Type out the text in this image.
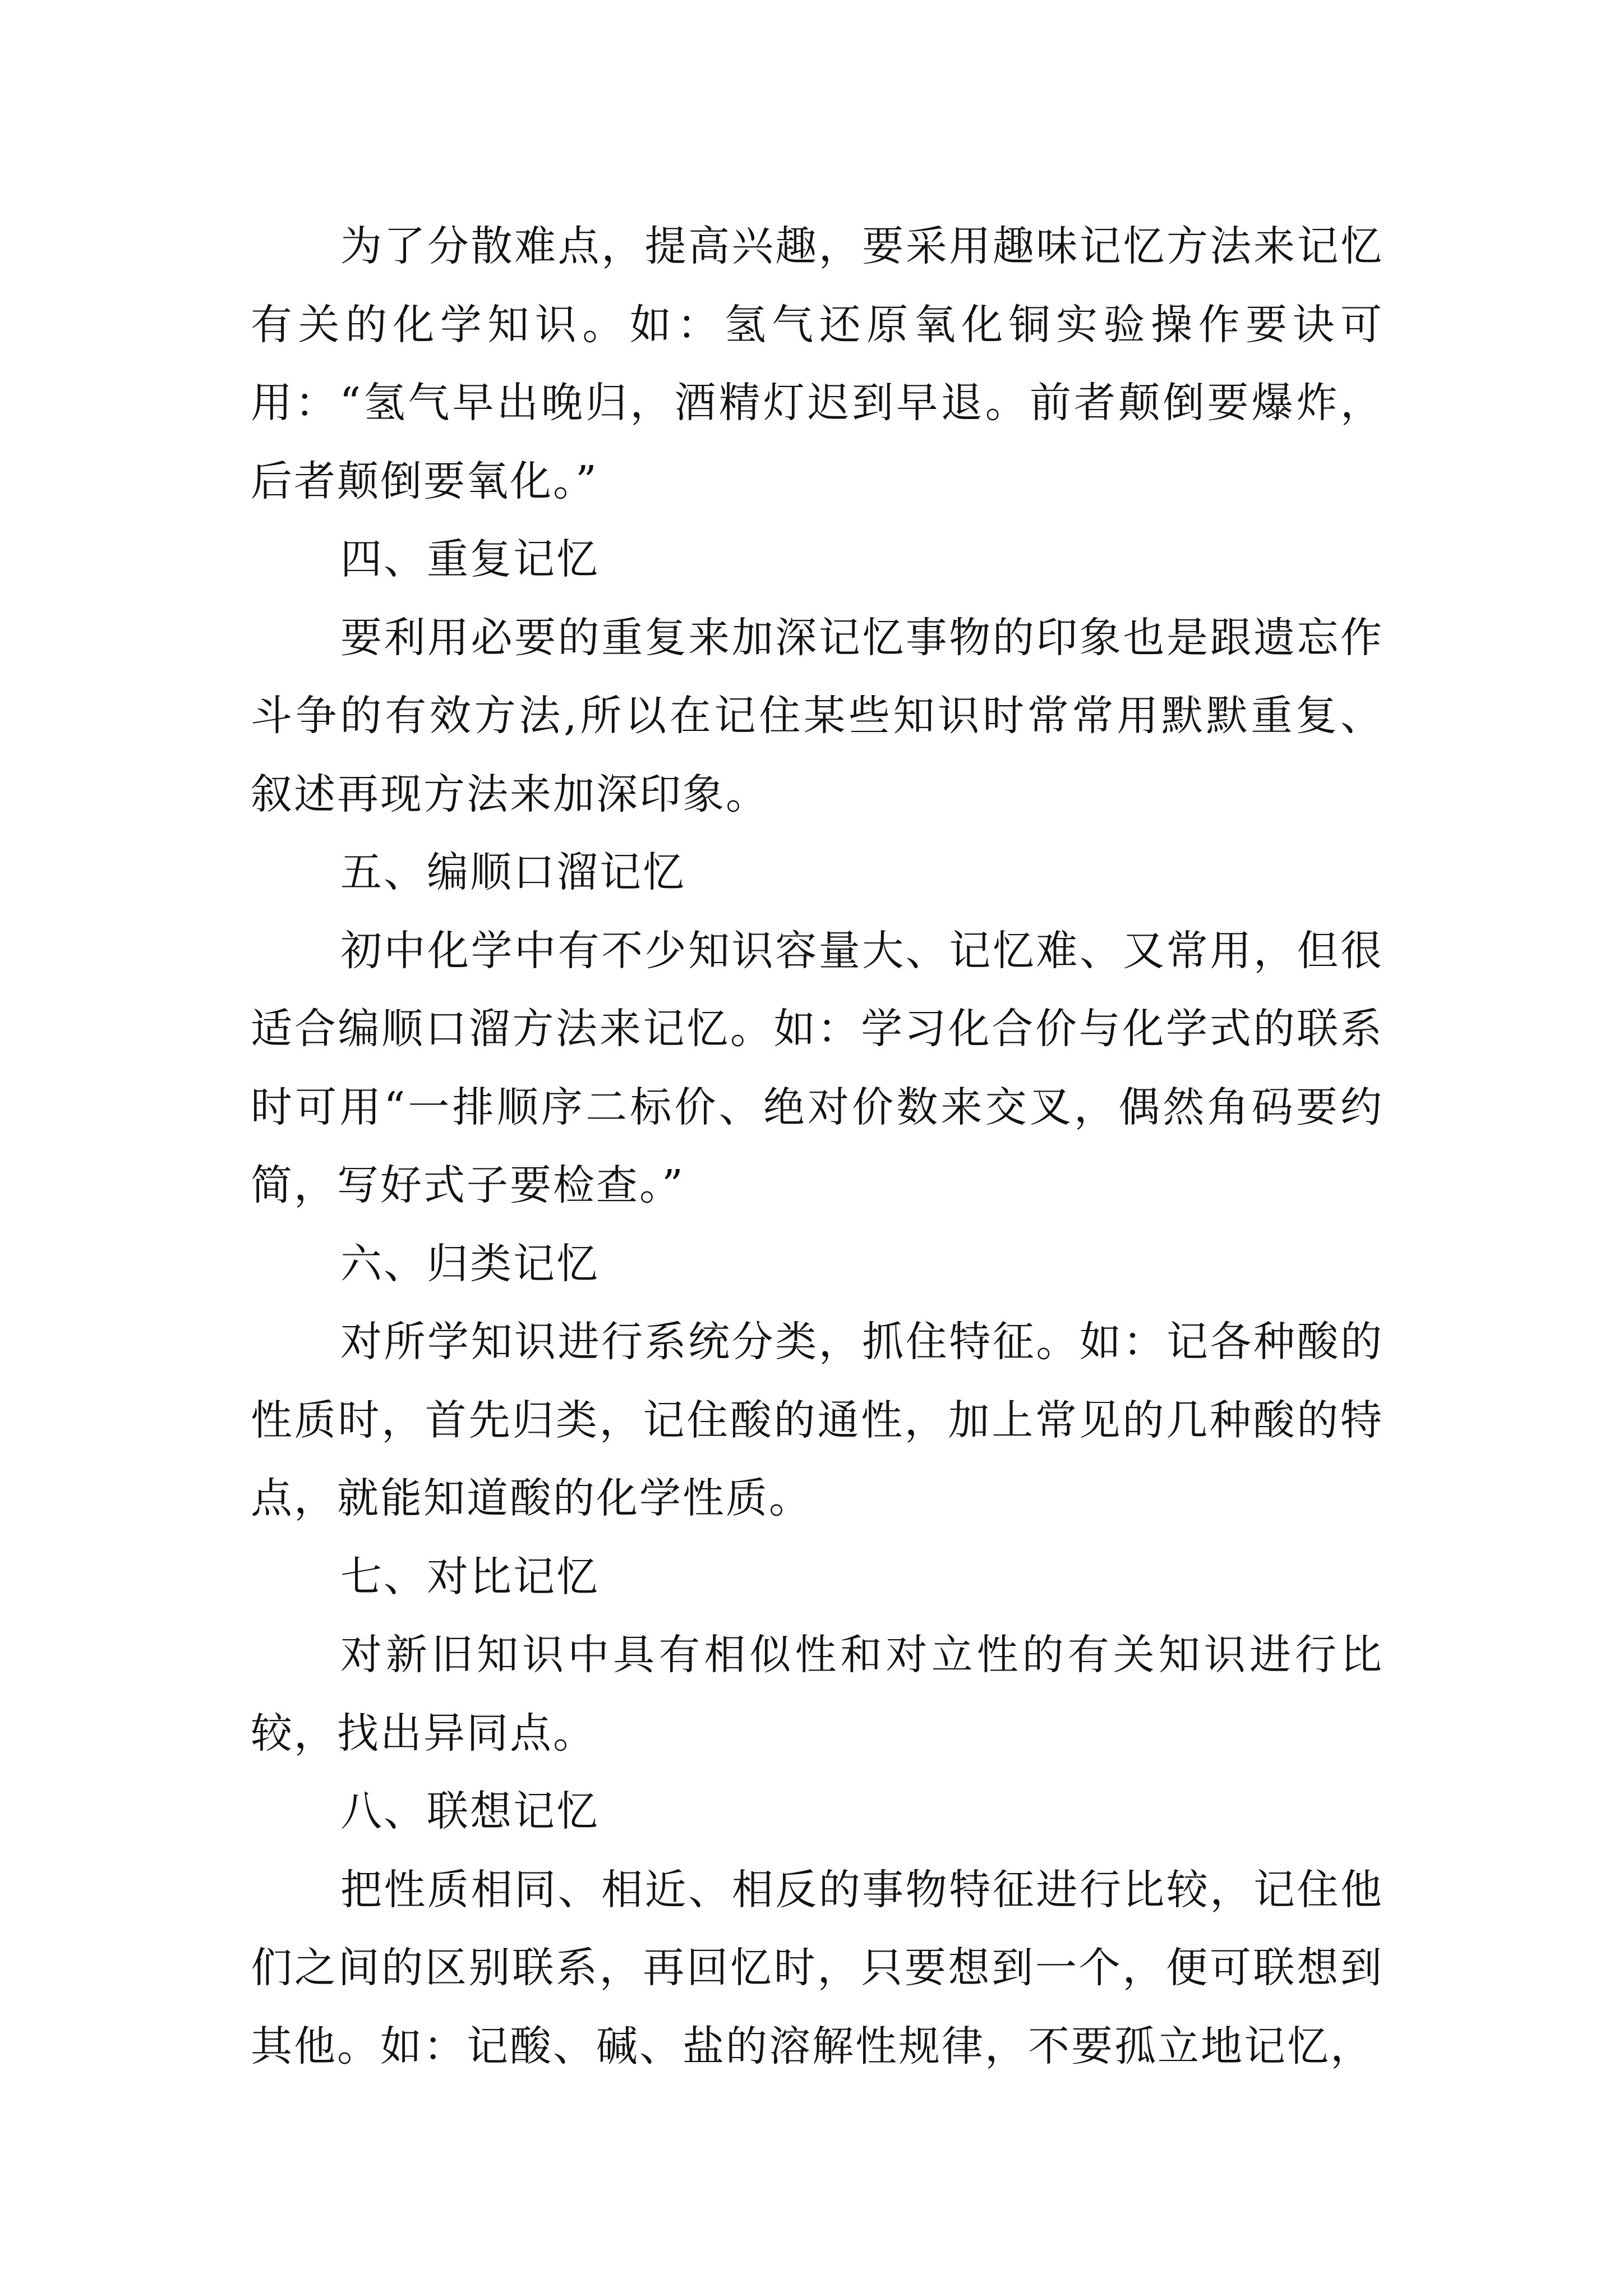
为了分散难点，提高兴趣，要采用趣味记忆方法来记忆有关的化学知识。如：氢气还原氧化铜实验操作要诀可用：“氢气早出晚归，酒精灯迟到早退。前者颠倒要爆炸，后者颠倒要氧化。”

四、重复记忆

要利用必要的重复来加深记忆事物的印象也是跟遗忘作斗争的有效方法,所以在记住某些知识时常常用默默重复、叙述再现方法来加深印象。

五、编顺口溜记忆

初中化学中有不少知识容量大、记忆难、又常用，但很适合编顺口溜方法来记忆。如：学习化合价与化学式的联系时可用“一排顺序二标价、绝对价数来交叉，偶然角码要约简，写好式子要检查。”

六、归类记忆

对所学知识进行系统分类，抓住特征。如：记各种酸的性质时，首先归类，记住酸的通性，加上常见的几种酸的特点，就能知道酸的化学性质。

七、对比记忆

对新旧知识中具有相似性和对立性的有关知识进行比较，找出异同点。

八、联想记忆

把性质相同、相近、相反的事物特征进行比较，记住他们之间的区别联系，再回忆时，只要想到一个，便可联想到其他。如：记酸、碱、盐的溶解性规律，不要孤立地记忆，
